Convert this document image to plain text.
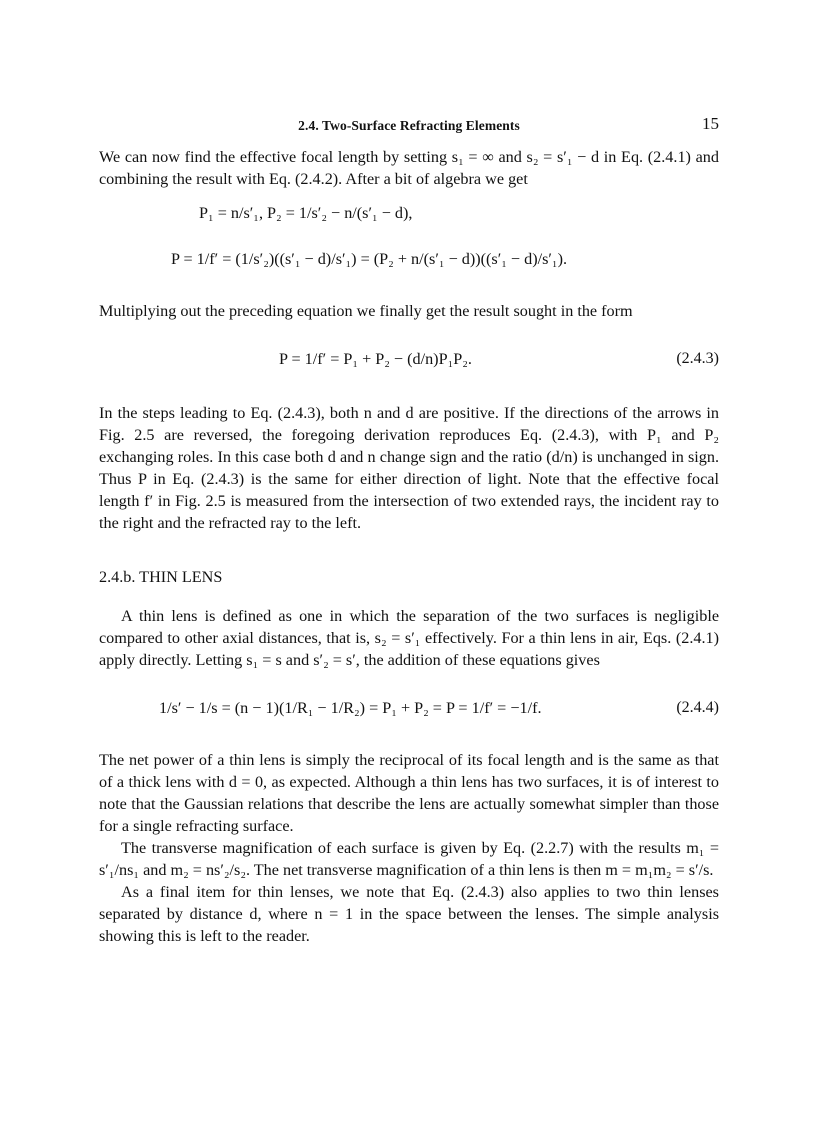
2.4. Two-Surface Refracting Elements	15

We can now find the effective focal length by setting s₁ = ∞ and s₂ = s′₁ − d in Eq. (2.4.1) and combining the result with Eq. (2.4.2). After a bit of algebra we get

P₁ = n/s′₁, P₂ = 1/s′₂ − n/(s′₁ − d),
P = 1/f′ = (1/s′₂)((s′₁ − d)/s′₁) = (P₂ + n/(s′₁ − d))((s′₁ − d)/s′₁).

Multiplying out the preceding equation we finally get the result sought in the form

P = 1/f′ = P₁ + P₂ − (d/n)P₁P₂.	(2.4.3)

In the steps leading to Eq. (2.4.3), both n and d are positive. If the directions of the arrows in Fig. 2.5 are reversed, the foregoing derivation reproduces Eq. (2.4.3), with P₁ and P₂ exchanging roles. In this case both d and n change sign and the ratio (d/n) is unchanged in sign. Thus P in Eq. (2.4.3) is the same for either direction of light. Note that the effective focal length f′ in Fig. 2.5 is measured from the intersection of two extended rays, the incident ray to the right and the refracted ray to the left.

2.4.b. THIN LENS

A thin lens is defined as one in which the separation of the two surfaces is negligible compared to other axial distances, that is, s₂ = s′₁ effectively. For a thin lens in air, Eqs. (2.4.1) apply directly. Letting s₁ = s and s′₂ = s′, the addition of these equations gives

1/s′ − 1/s = (n − 1)(1/R₁ − 1/R₂) = P₁ + P₂ = P = 1/f′ = −1/f.	(2.4.4)

The net power of a thin lens is simply the reciprocal of its focal length and is the same as that of a thick lens with d = 0, as expected. Although a thin lens has two surfaces, it is of interest to note that the Gaussian relations that describe the lens are actually somewhat simpler than those for a single refracting surface.

The transverse magnification of each surface is given by Eq. (2.2.7) with the results m₁ = s′₁/ns₁ and m₂ = ns′₂/s₂. The net transverse magnification of a thin lens is then m = m₁m₂ = s′/s.

As a final item for thin lenses, we note that Eq. (2.4.3) also applies to two thin lenses separated by distance d, where n = 1 in the space between the lenses. The simple analysis showing this is left to the reader.
